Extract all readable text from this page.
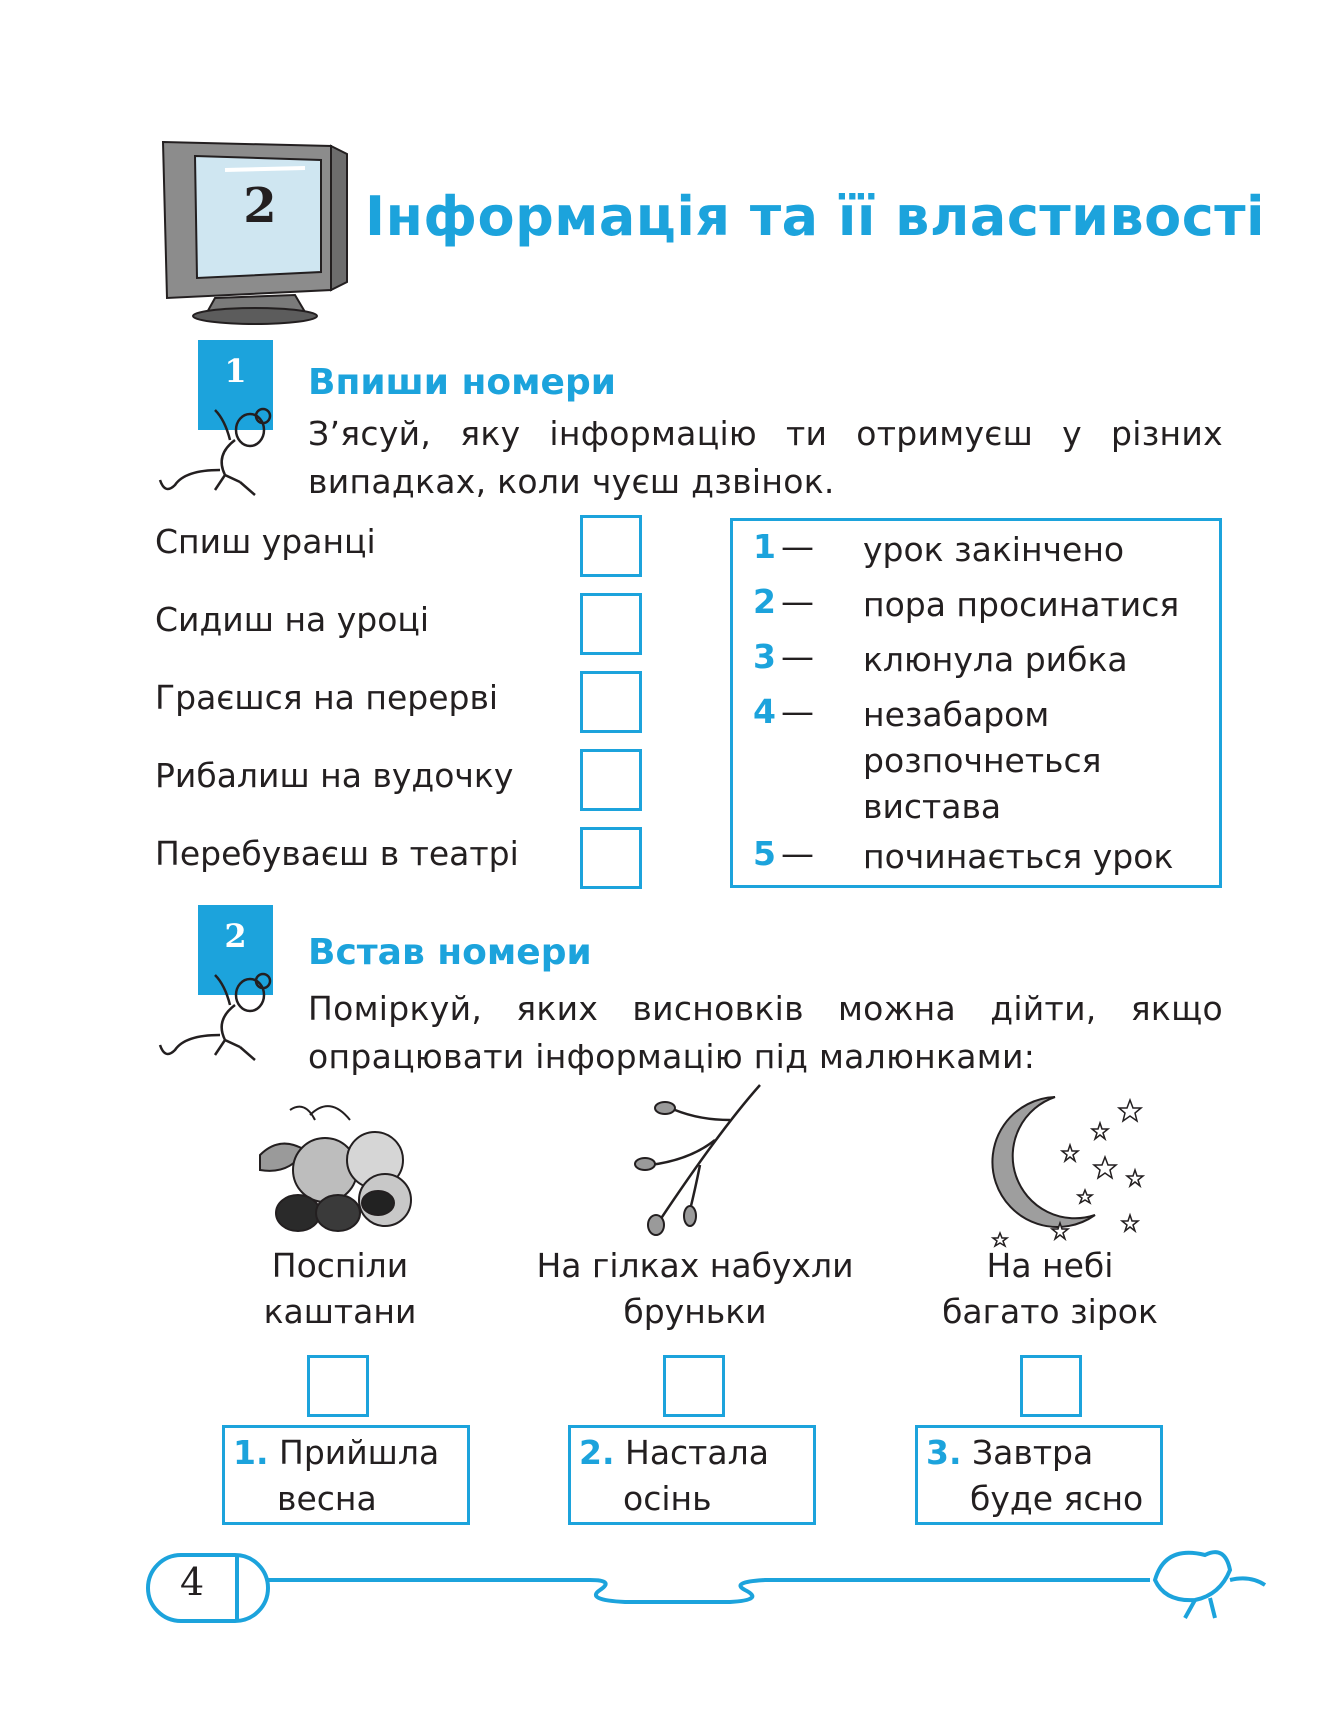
2 Інформація та її властивості
1	Впиши номери
З’ясуй, яку інформацію ти отримуєш у різних випадках, коли чуєш дзвінок.
Спиш уранці
Сидиш на уроці
Граєшся на перерві
Рибалиш на вудочку
Перебуваєш в театрі
1 — урок закінчено
2 — пора просинатися
3 — клюнула рибка
4 — незабаром
розпочнеться
вистава
5 — починається урок
2	Встав номери
Поміркуй, яких висновків можна дійти, якщо опрацювати інформацію під малюнками:
Поспіли
каштани
На гілках набухли
бруньки
На небі
багато зірок
1. Прийшла
весна
2. Настала
осінь
3. Завтра
буде ясно
4
